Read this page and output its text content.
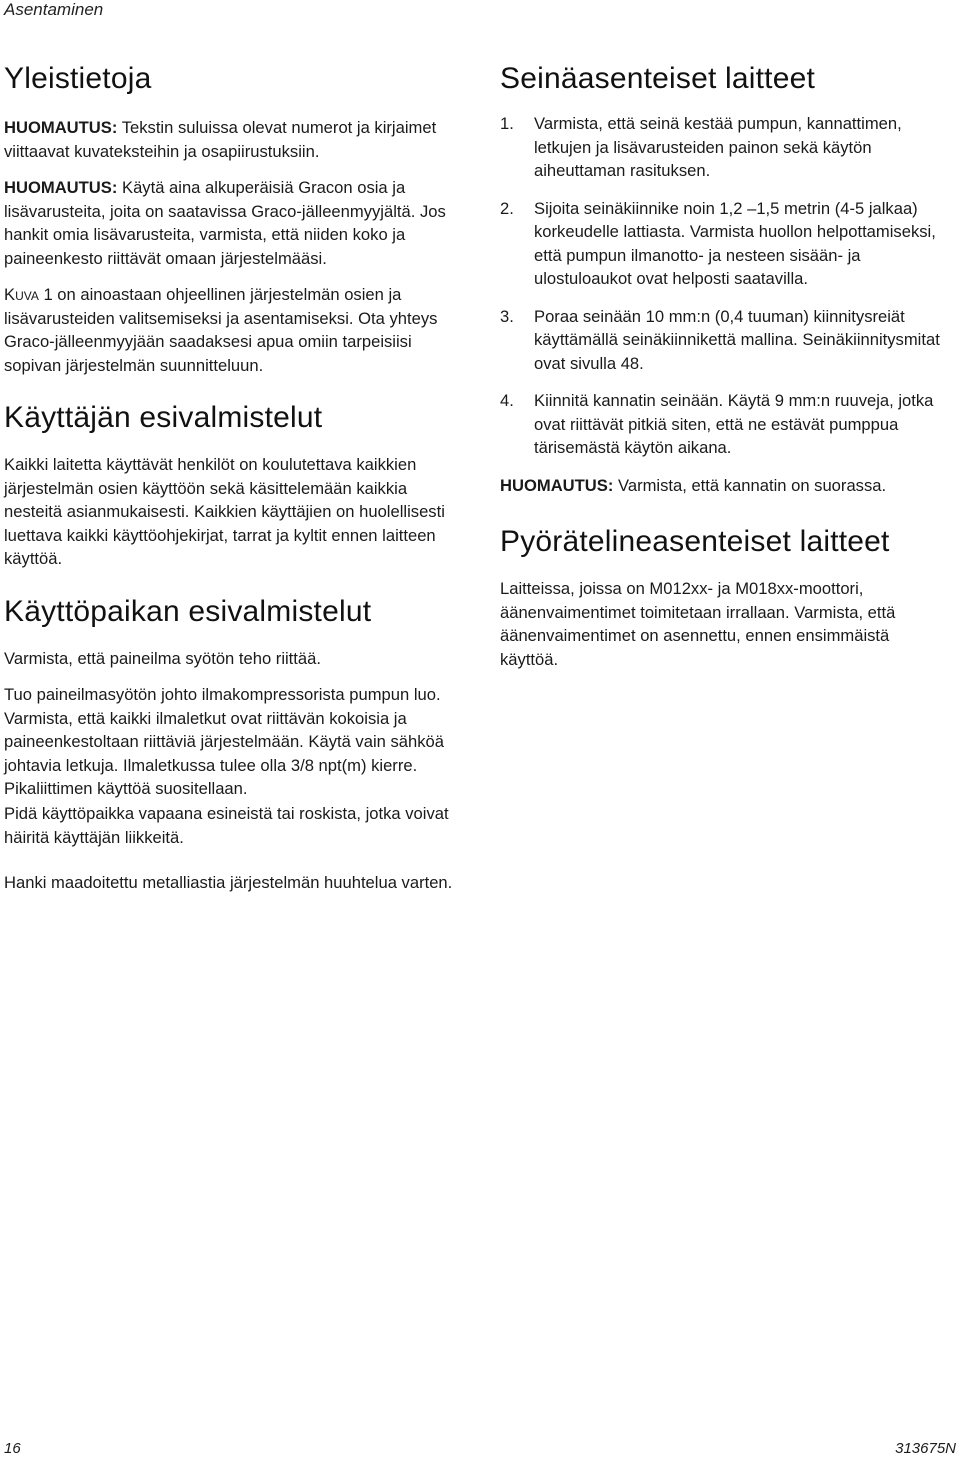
Asentaminen
Yleistietoja

HUOMAUTUS: Tekstin suluissa olevat numerot ja kirjaimet viittaavat kuvateksteihin ja osapiirustuksiin.

HUOMAUTUS: Käytä aina alkuperäisiä Gracon osia ja lisävarusteita, joita on saatavissa Graco-jälleenmyyjältä. Jos hankit omia lisävarusteita, varmista, että niiden koko ja paineenkesto riittävät omaan järjestelmääsi.

Kuva 1 on ainoastaan ohjeellinen järjestelmän osien ja lisävarusteiden valitsemiseksi ja asentamiseksi. Ota yhteys Graco-jälleenmyyjään saadaksesi apua omiin tarpeisiisi sopivan järjestelmän suunnitteluun.

Käyttäjän esivalmistelut

Kaikki laitetta käyttävät henkilöt on koulutettava kaikkien järjestelmän osien käyttöön sekä käsittelemään kaikkia nesteitä asianmukaisesti. Kaikkien käyttäjien on huolellisesti luettava kaikki käyttöohjekirjat, tarrat ja kyltit ennen laitteen käyttöä.

Käyttöpaikan esivalmistelut

Varmista, että paineilma syötön teho riittää.

Tuo paineilmasyötön johto ilmakompressorista pumpun luo. Varmista, että kaikki ilmaletkut ovat riittävän kokoisia ja paineenkestoltaan riittäviä järjestelmään. Käytä vain sähköä johtavia letkuja. Ilmaletkussa tulee olla 3/8 npt(m) kierre. Pikaliittimen käyttöä suositellaan.

Pidä käyttöpaikka vapaana esineistä tai roskista, jotka voivat häiritä käyttäjän liikkeitä.

Hanki maadoitettu metalliastia järjestelmän huuhtelua varten.

Seinäasenteiset laitteet
1. Varmista, että seinä kestää pumpun, kannattimen, letkujen ja lisävarusteiden painon sekä käytön aiheuttaman rasituksen.
2. Sijoita seinäkiinnike noin 1,2 –1,5 metrin (4-5 jalkaa) korkeudelle lattiasta. Varmista huollon helpottamiseksi, että pumpun ilmanotto- ja nesteen sisään- ja ulostuloaukot ovat helposti saatavilla.
3. Poraa seinään 10 mm:n (0,4 tuuman) kiinnitysreiät käyttämällä seinäkiinnikettä mallina. Seinäkiinnitysmitat ovat sivulla 48.
4. Kiinnitä kannatin seinään. Käytä 9 mm:n ruuveja, jotka ovat riittävät pitkiä siten, että ne estävät pumppua tärisemästä käytön aikana.

HUOMAUTUS: Varmista, että kannatin on suorassa.

Pyörätelineasenteiset laitteet

Laitteissa, joissa on M012xx- ja M018xx-moottori, äänenvaimentimet toimitetaan irrallaan. Varmista, että äänenvaimentimet on asennettu, ennen ensimmäistä käyttöä.

16	313675N
